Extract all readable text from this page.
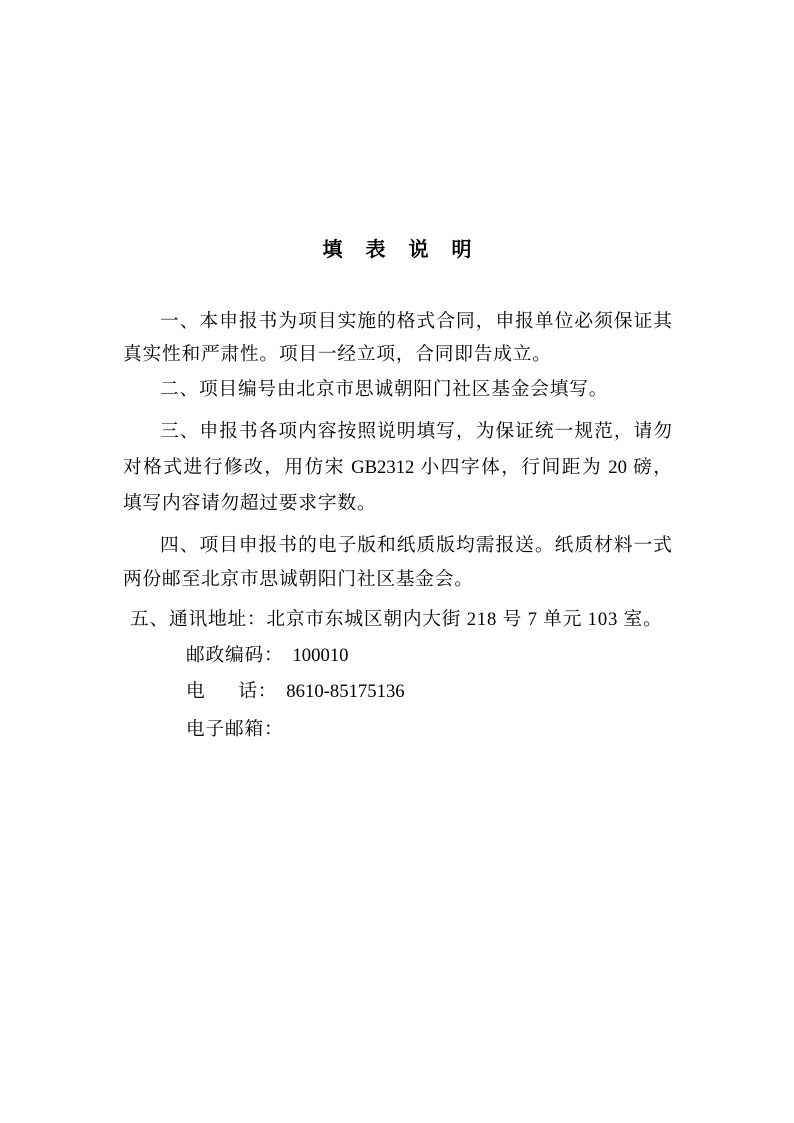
填 表 说 明
一、本申报书为项目实施的格式合同，申报单位必须保证其
真实性和严肃性。项目一经立项，合同即告成立。
二、项目编号由北京市思诚朝阳门社区基金会填写。
三、申报书各项内容按照说明填写，为保证统一规范，请勿
对格式进行修改，用仿宋 GB2312 小四字体，行间距为 20 磅，
填写内容请勿超过要求字数。
四、项目申报书的电子版和纸质版均需报送。纸质材料一式
两份邮至北京市思诚朝阳门社区基金会。
五、通讯地址：北京市东城区朝内大街 218 号 7 单元 103 室。
邮政编码： 100010
电      话： 8610-85175136
电子邮箱：
